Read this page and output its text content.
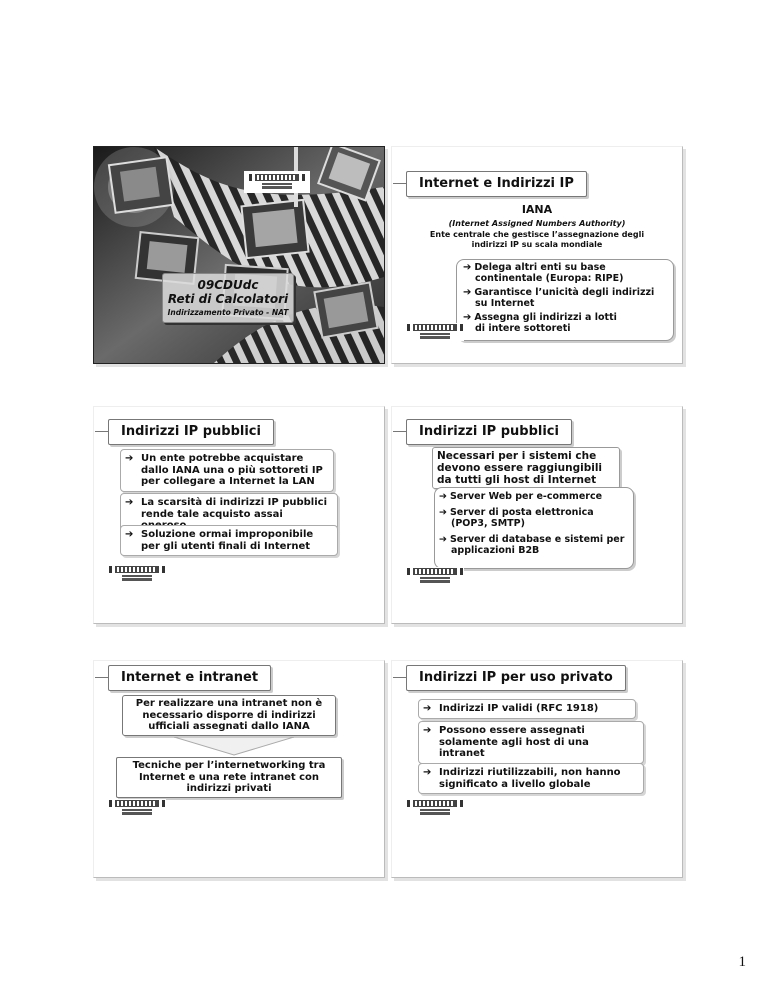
09CDUdc
Reti di Calcolatori
Indirizzamento Privato - NAT
Internet e Indirizzi IP
IANA
(Internet Assigned Numbers Authority)
Ente centrale che gestisce l’assegnazione degli
indirizzi IP su scala mondiale
➔ Delega altri enti su base
continentale (Europa: RIPE)
➔ Garantisce l’unicità degli indirizzi
su Internet
➔ Assegna gli indirizzi a lotti
di intere sottoreti
Indirizzi IP pubblici
➔ Un ente potrebbe acquistare
dallo IANA una o più sottoreti IP
per collegare a Internet la LAN
➔ La scarsità di indirizzi IP pubblici
rende tale acquisto assai
➔ Soluzione ormai improponibile
per gli utenti finali di Internet
Indirizzi IP pubblici
Necessari per i sistemi che
devono essere raggiungibili
da tutti gli host di Internet
➔ Server Web per e-commerce
➔ Server di posta elettronica
(POP3, SMTP)
➔ Server di database e sistemi per
applicazioni B2B
Internet e intranet
Per realizzare una intranet non è
necessario disporre di indirizzi
ufficiali assegnati dallo IANA
Tecniche per l’internetworking tra
Internet e una rete intranet con
indirizzi privati
Indirizzi IP per uso privato
➔ Indirizzi IP validi (RFC 1918)
➔ Possono essere assegnati
solamente agli host di una
intranet
➔ Indirizzi riutilizzabili, non hanno
significato a livello globale
1
